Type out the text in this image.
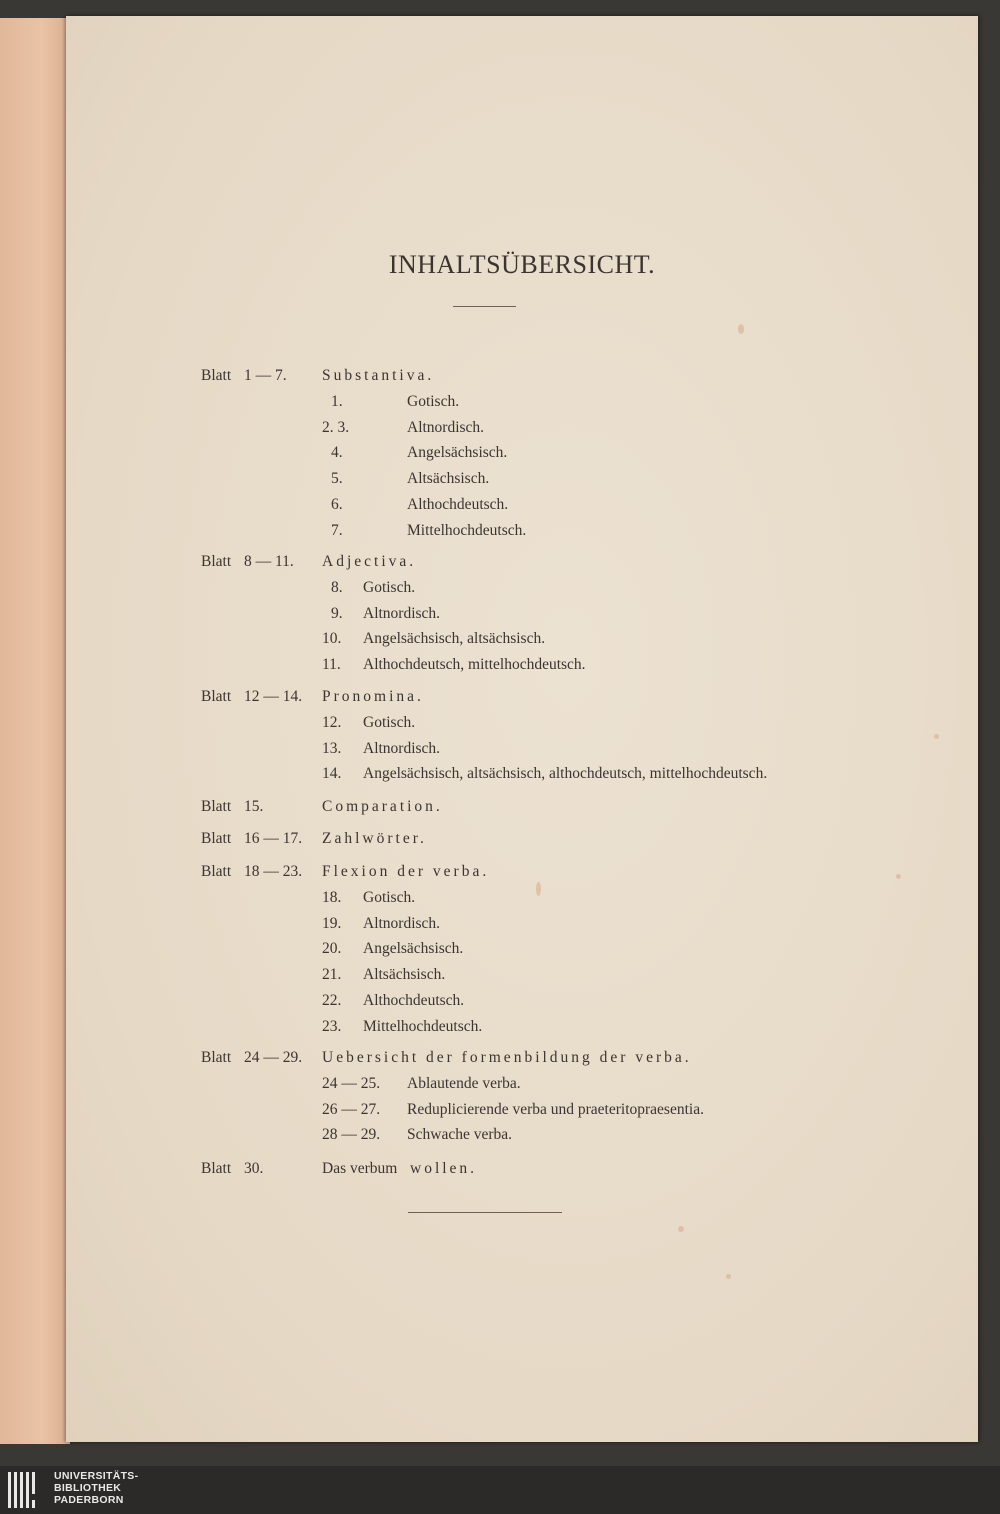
INHALTSÜBERSICHT.
Blatt 1 — 7. Substantiva.
1.	Gotisch.
2. 3.	Altnordisch.
4.	Angelsächsisch.
5.	Altsächsisch.
6.	Althochdeutsch.
7.	Mittelhochdeutsch.
Blatt 8 — 11. Adjectiva.
8. Gotisch.
9. Altnordisch.
10. Angelsächsisch, altsächsisch.
11. Althochdeutsch, mittelhochdeutsch.
Blatt 12 — 14. Pronomina.
12. Gotisch.
13. Altnordisch.
14. Angelsächsisch, altsächsisch, althochdeutsch, mittelhochdeutsch.
Blatt 15.	Comparation.
Blatt 16 — 17. Zahlwörter.
Blatt 18 — 23. Flexion der verba.
18. Gotisch.
19. Altnordisch.
20. Angelsächsisch.
21. Altsächsisch.
22. Althochdeutsch.
23. Mittelhochdeutsch.
Blatt 24 — 29. Uebersicht der formenbildung der verba.
24 — 25. Ablautende verba.
26 — 27. Reduplicierende verba und praeteritopraesentia.
28 — 29. Schwache verba.
Blatt 30.	Das verbum wollen.
UNIVERSITÄTS-
BIBLIOTHEK
PADERBORN
